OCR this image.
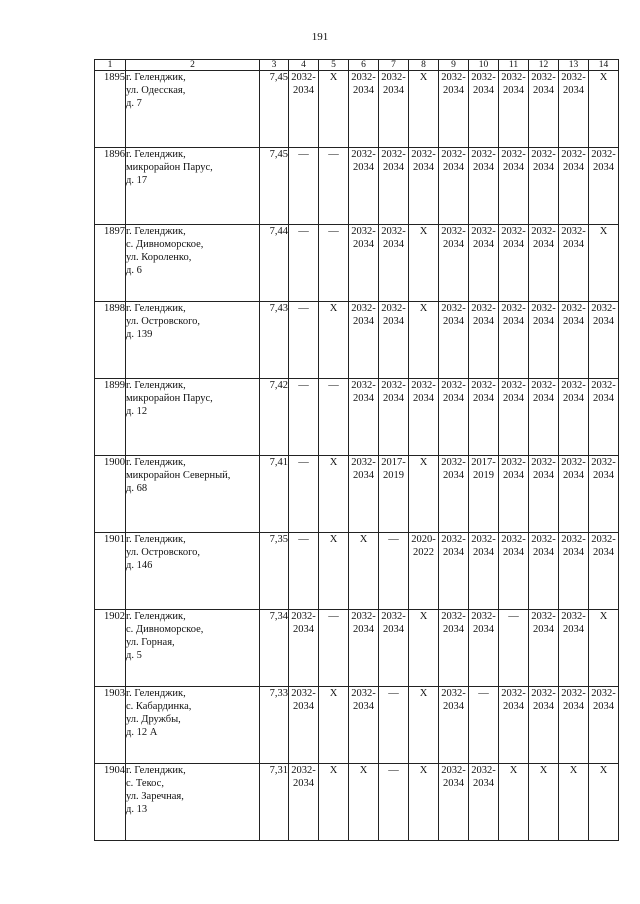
191
1	2	3	4	5	6	7	8	9	10	11	12	13	14
1895	г. Геленджик,
ул. Одесская,
д. 7	7,45	2032-
2034	X	2032-
2034	2032-
2034	X	2032-
2034	2032-
2034	2032-
2034	2032-
2034	2032-
2034	X
1896	г. Геленджик,
микрорайон Парус,
д. 17	7,45	—	—	2032-
2034	2032-
2034	2032-
2034	2032-
2034	2032-
2034	2032-
2034	2032-
2034	2032-
2034	2032-
2034
1897	г. Геленджик,
с. Дивноморское,
ул. Короленко,
д. 6	7,44	—	—	2032-
2034	2032-
2034	X	2032-
2034	2032-
2034	2032-
2034	2032-
2034	2032-
2034	X
1898	г. Геленджик,
ул. Островского,
д. 139	7,43	—	X	2032-
2034	2032-
2034	X	2032-
2034	2032-
2034	2032-
2034	2032-
2034	2032-
2034	2032-
2034
1899	г. Геленджик,
микрорайон Парус,
д. 12	7,42	—	—	2032-
2034	2032-
2034	2032-
2034	2032-
2034	2032-
2034	2032-
2034	2032-
2034	2032-
2034	2032-
2034
1900	г. Геленджик,
микрорайон Северный,
д. 68	7,41	—	X	2032-
2034	2017-
2019	X	2032-
2034	2017-
2019	2032-
2034	2032-
2034	2032-
2034	2032-
2034
1901	г. Геленджик,
ул. Островского,
д. 146	7,35	—	X	X	—	2020-
2022	2032-
2034	2032-
2034	2032-
2034	2032-
2034	2032-
2034	2032-
2034
1902	г. Геленджик,
с. Дивноморское,
ул. Горная,
д. 5	7,34	2032-
2034	—	2032-
2034	2032-
2034	X	2032-
2034	2032-
2034	—	2032-
2034	2032-
2034	X
1903	г. Геленджик,
с. Кабардинка,
ул. Дружбы,
д. 12 А	7,33	2032-
2034	X	2032-
2034	—	X	2032-
2034	—	2032-
2034	2032-
2034	2032-
2034	2032-
2034
1904	г. Геленджик,
с. Текос,
ул. Заречная,
д. 13	7,31	2032-
2034	X	X	—	X	2032-
2034	2032-
2034	X	X	X	X
